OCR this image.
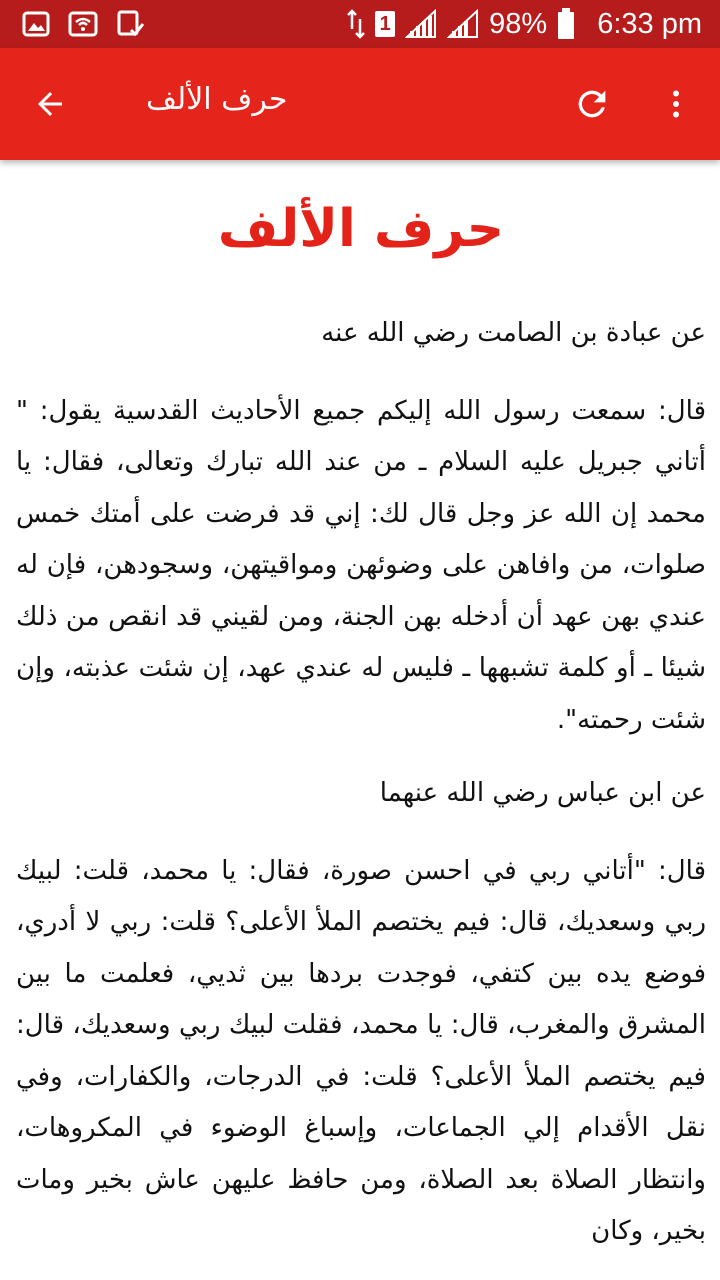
1	98% 6:33 pm
حرف الألف
حرف الألف

عن عبادة بن الصامت رضي الله عنه

قال: سمعت رسول الله إليكم جميع الأحاديث القدسية يقول: " أتاني جبريل عليه السلام ـ من عند الله تبارك وتعالى، فقال: يا محمد إن الله عز وجل قال لك: إني قد فرضت على أمتك خمس صلوات، من وافاهن على وضوئهن ومواقيتهن، وسجودهن، فإن له عندي بهن عهد أن أدخله بهن الجنة، ومن لقيني قد انقص من ذلك شيئا ـ أو كلمة تشبهها ـ فليس له عندي عهد، إن شئت عذبته، وإن شئت رحمته".

عن ابن عباس رضي الله عنهما

قال: "أتاني ربي في احسن صورة، فقال: يا محمد، قلت: لبيك ربي وسعديك، قال: فيم يختصم الملأ الأعلى؟ قلت: ربي لا أدري، فوضع يده بين كتفي، فوجدت بردها بين ثديي، فعلمت ما بين المشرق والمغرب، قال: يا محمد، فقلت لبيك ربي وسعديك، قال: فيم يختصم الملأ الأعلى؟ قلت: في الدرجات، والكفارات، وفي نقل الأقدام إلي الجماعات، وإسباغ الوضوء في المكروهات، وانتظار الصلاة بعد الصلاة، ومن حافظ عليهن عاش بخير ومات بخير، وكان
